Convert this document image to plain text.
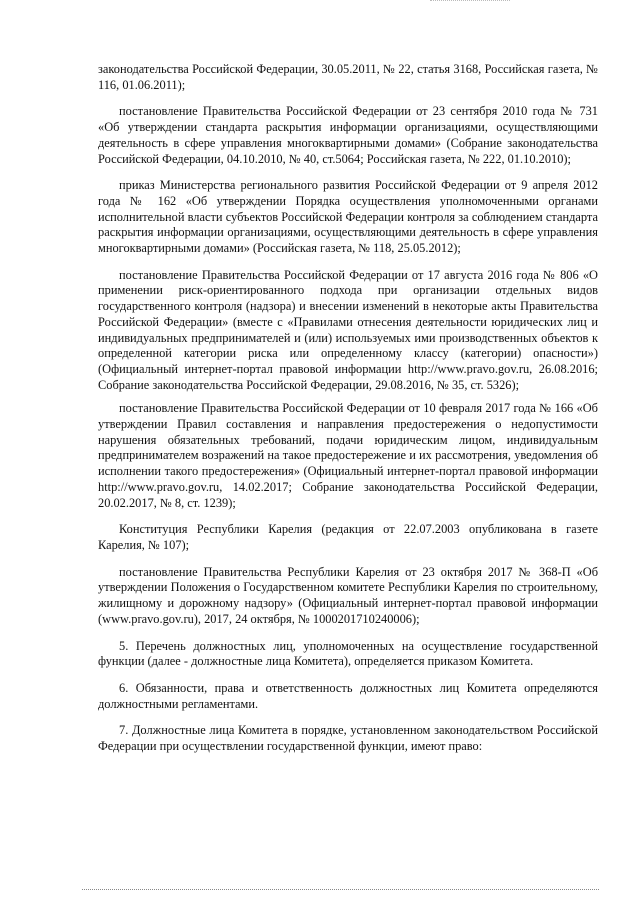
законодательства Российской Федерации, 30.05.2011, № 22, статья 3168, Российская газета, № 116, 01.06.2011);

постановление Правительства Российской Федерации от 23 сентября 2010 года № 731 «Об утверждении стандарта раскрытия информации организациями, осуществляющими деятельность в сфере управления многоквартирными домами» (Собрание законодательства Российской Федерации, 04.10.2010, № 40, ст.5064; Российская газета, № 222, 01.10.2010);

приказ Министерства регионального развития Российской Федерации от 9 апреля 2012 года № 162 «Об утверждении Порядка осуществления уполномоченными органами исполнительной власти субъектов Российской Федерации контроля за соблюдением стандарта раскрытия информации организациями, осуществляющими деятельность в сфере управления многоквартирными домами» (Российская газета, № 118, 25.05.2012);

постановление Правительства Российской Федерации от 17 августа 2016 года № 806 «О применении риск-ориентированного подхода при организации отдельных видов государственного контроля (надзора) и внесении изменений в некоторые акты Правительства Российской Федерации» (вместе с «Правилами отнесения деятельности юридических лиц и индивидуальных предпринимателей и (или) используемых ими производственных объектов к определенной категории риска или определенному классу (категории) опасности») (Официальный интернет-портал правовой информации http://www.pravo.gov.ru, 26.08.2016; Собрание законодательства Российской Федерации, 29.08.2016, № 35, ст. 5326);

постановление Правительства Российской Федерации от 10 февраля 2017 года № 166 «Об утверждении Правил составления и направления предостережения о недопустимости нарушения обязательных требований, подачи юридическим лицом, индивидуальным предпринимателем возражений на такое предостережение и их рассмотрения, уведомления об исполнении такого предостережения» (Официальный интернет-портал правовой информации http://www.pravo.gov.ru, 14.02.2017; Собрание законодательства Российской Федерации, 20.02.2017, № 8, ст. 1239);

Конституция Республики Карелия (редакция от 22.07.2003 опубликована в газете Карелия, № 107);

постановление Правительства Республики Карелия от 23 октября 2017 № 368-П «Об утверждении Положения о Государственном комитете Республики Карелия по строительному, жилищному и дорожному надзору» (Официальный интернет-портал правовой информации (www.pravo.gov.ru), 2017, 24 октября, № 1000201710240006);

5. Перечень должностных лиц, уполномоченных на осуществление государственной функции (далее - должностные лица Комитета), определяется приказом Комитета.

6. Обязанности, права и ответственность должностных лиц Комитета определяются должностными регламентами.

7. Должностные лица Комитета в порядке, установленном законодательством Российской Федерации при осуществлении государственной функции, имеют право:
